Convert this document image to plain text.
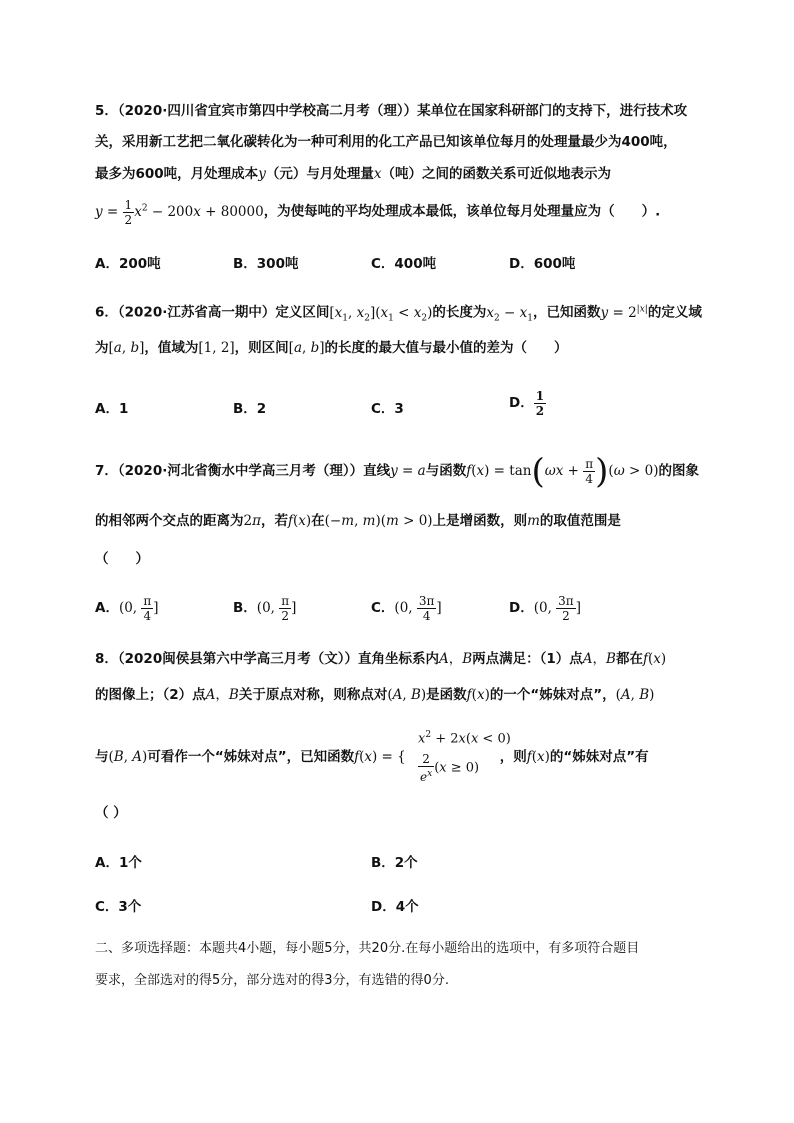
5．（2020·四川省宜宾市第四中学校高二月考（理））某单位在国家科研部门的支持下，进行技术攻
关，采用新工艺把二氧化碳转化为一种可利用的化工产品已知该单位每月的处理量最少为400吨，
最多为600吨，月处理成本y（元）与月处理量x（吨）之间的函数关系可近似地表示为
$y = \frac{1}{2} x^2 - 200x + 80000$，为使每吨的平均处理成本最低，该单位每月处理量应为（　　）.
A．200吨	B．300吨	C．400吨	D．600吨
6．（2020·江苏省高一期中）定义区间[$x_1$, $x_2](x_1 < x_2)$的长度为$x_2 - x_1$，已知函数$y = 2^{|x|}$的定义域
为[a, b]，值域为[1, 2]，则区间[a, b]的长度的最大值与最小值的差为（　　）
A．1	B．2	C．3	D． $\frac{1}{2}$
7．（2020·河北省衡水中学高三月考（理））直线y = a与函数$f(x) = \tan(\omega x + \frac{\pi}{4} )(\omega > 0)$的图象
的相邻两个交点的距离为2π，若f(x)在(−m, m)(m > 0)上是增函数，则m的取值范围是
（　　）
A．(0, $\frac{\pi}{4}$ ]	B．(0, $\frac{\pi}{2}$ ]	C．(0, $\frac{3\pi}{4}$ ]	D．(0, $\frac{3\pi}{2}$ ]
8．（2020闽侯县第六中学高三月考（文））直角坐标系内A，B两点满足：（1）点A，B都在f(x)
的图像上；（2）点A，B关于原点对称，则称点对(A, B)是函数f(x)的一个“姊妹对点”，(A, B)
$x^2 + 2x(x < 0)$
$\frac{2}{e^x} (x \ge 0)$
与(B, A)可看作一个“姊妹对点”，已知函数f(x) = {	，则f(x)的“姊妹对点”有
（ ）
A．1个	B．2个
C．3个	D．4个
二、多项选择题：本题共4小题，每小题5分，共20分.在每小题给出的选项中，有多项符合题目
要求，全部选对的得5分，部分选对的得3分，有选错的得0分.
